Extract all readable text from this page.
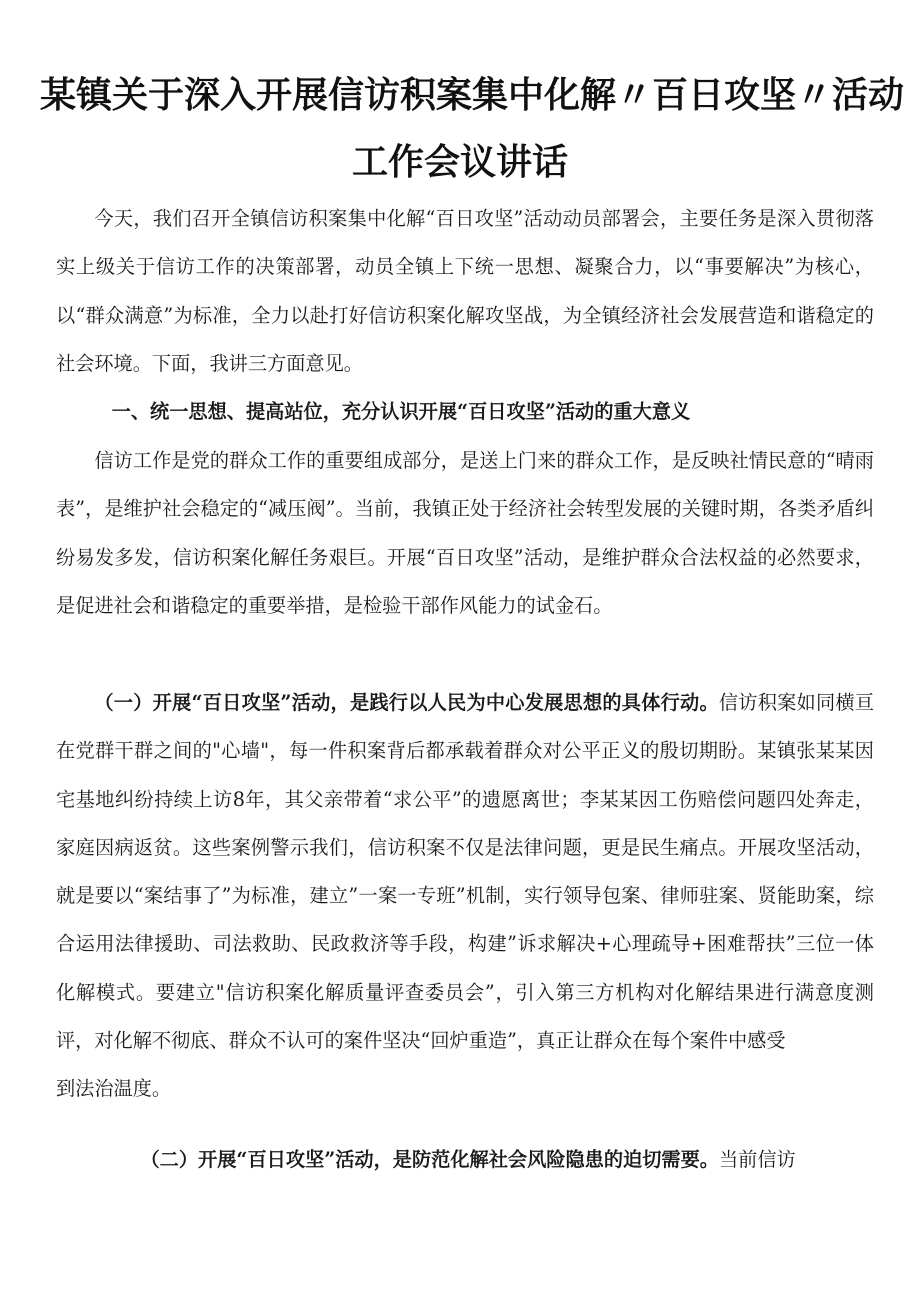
某镇关于深入开展信访积案集中化解〃百日攻坚〃活动
工作会议讲话

今天，我们召开全镇信访积案集中化解“百日攻坚”活动动员部署会，主要任务是深入贯彻落实上级关于信访工作的决策部署，动员全镇上下统一思想、凝聚合力，以“事要解决”为核心，以“群众满意”为标准，全力以赴打好信访积案化解攻坚战，为全镇经济社会发展营造和谐稳定的社会环境。下面，我讲三方面意见。

一、统一思想、提高站位，充分认识开展“百日攻坚”活动的重大意义

信访工作是党的群众工作的重要组成部分，是送上门来的群众工作，是反映社情民意的“晴雨表”，是维护社会稳定的“减压阀”。当前，我镇正处于经济社会转型发展的关键时期，各类矛盾纠纷易发多发，信访积案化解任务艰巨。开展“百日攻坚”活动，是维护群众合法权益的必然要求，是促进社会和谐稳定的重要举措，是检验干部作风能力的试金石。

（一）开展“百日攻坚”活动，是践行以人民为中心发展思想的具体行动。信访积案如同横亘在党群干群之间的"心墙"，每一件积案背后都承载着群众对公平正义的殷切期盼。某镇张某某因宅基地纠纷持续上访8年，其父亲带着“求公平”的遗愿离世；李某某因工伤赔偿问题四处奔走，家庭因病返贫。这些案例警示我们，信访积案不仅是法律问题，更是民生痛点。开展攻坚活动，就是要以“案结事了”为标准，建立”一案一专班”机制，实行领导包案、律师驻案、贤能助案，综合运用法律援助、司法救助、民政救济等手段，构建”诉求解决+心理疏导+困难帮扶”三位一体化解模式。要建立"信访积案化解质量评查委员会”，引入第三方机构对化解结果进行满意度测评，对化解不彻底、群众不认可的案件坚决“回炉重造”，真正让群众在每个案件中感受

到法治温度。

（二）开展“百日攻坚”活动，是防范化解社会风险隐患的迫切需要。当前信访
